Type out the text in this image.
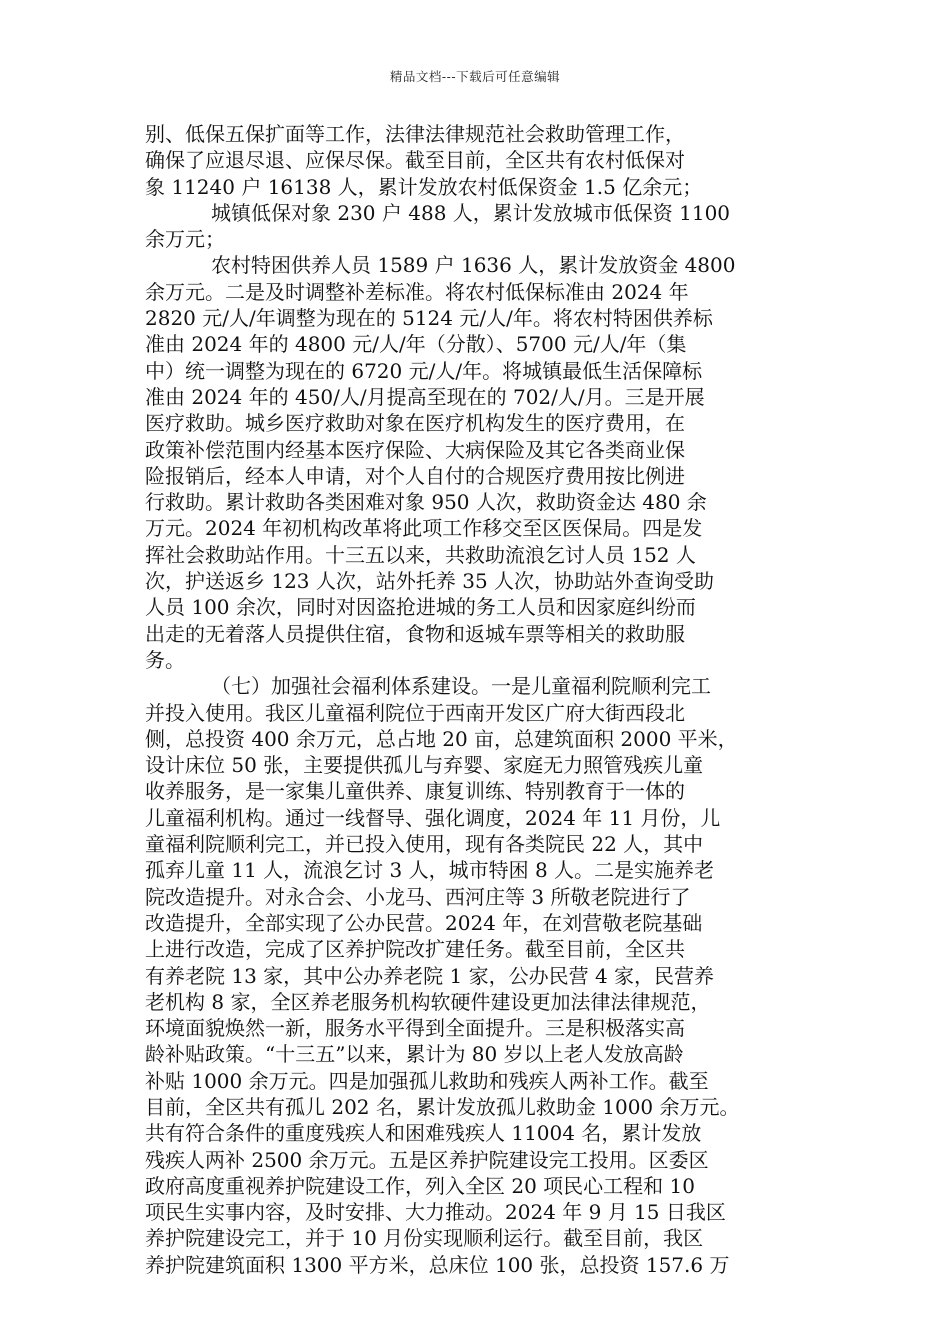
精品文档---下载后可任意编辑
别、低保五保扩面等工作，法律法律规范社会救助管理工作，
确保了应退尽退、应保尽保。截至目前，全区共有农村低保对
象 11240 户 16138 人，累计发放农村低保资金 1.5 亿余元；
城镇低保对象 230 户 488 人，累计发放城市低保资 1100
余万元；
农村特困供养人员 1589 户 1636 人，累计发放资金 4800
余万元。二是及时调整补差标准。将农村低保标准由 2024 年
2820 元/人/年调整为现在的 5124 元/人/年。将农村特困供养标
准由 2024 年的 4800 元/人/年（分散）、5700 元/人/年（集
中）统一调整为现在的 6720 元/人/年。将城镇最低生活保障标
准由 2024 年的 450/人/月提高至现在的 702/人/月。三是开展
医疗救助。城乡医疗救助对象在医疗机构发生的医疗费用，在
政策补偿范围内经基本医疗保险、大病保险及其它各类商业保
险报销后，经本人申请，对个人自付的合规医疗费用按比例进
行救助。累计救助各类困难对象 950 人次，救助资金达 480 余
万元。2024 年初机构改革将此项工作移交至区医保局。四是发
挥社会救助站作用。十三五以来，共救助流浪乞讨人员 152 人
次，护送返乡 123 人次，站外托养 35 人次，协助站外查询受助
人员 100 余次，同时对因盗抢进城的务工人员和因家庭纠纷而
出走的无着落人员提供住宿，食物和返城车票等相关的救助服
务。
（七）加强社会福利体系建设。一是儿童福利院顺利完工
并投入使用。我区儿童福利院位于西南开发区广府大街西段北
侧，总投资 400 余万元，总占地 20 亩，总建筑面积 2000 平米，
设计床位 50 张，主要提供孤儿与弃婴、家庭无力照管残疾儿童
收养服务，是一家集儿童供养、康复训练、特别教育于一体的
儿童福利机构。通过一线督导、强化调度，2024 年 11 月份，儿
童福利院顺利完工，并已投入使用，现有各类院民 22 人，其中
孤弃儿童 11 人，流浪乞讨 3 人，城市特困 8 人。二是实施养老
院改造提升。对永合会、小龙马、西河庄等 3 所敬老院进行了
改造提升，全部实现了公办民营。2024 年，在刘营敬老院基础
上进行改造，完成了区养护院改扩建任务。截至目前，全区共
有养老院 13 家，其中公办养老院 1 家，公办民营 4 家，民营养
老机构 8 家，全区养老服务机构软硬件建设更加法律法律规范，
环境面貌焕然一新，服务水平得到全面提升。三是积极落实高
龄补贴政策。“十三五”以来，累计为 80 岁以上老人发放高龄
补贴 1000 余万元。四是加强孤儿救助和残疾人两补工作。截至
目前，全区共有孤儿 202 名，累计发放孤儿救助金 1000 余万元。
共有符合条件的重度残疾人和困难残疾人 11004 名，累计发放
残疾人两补 2500 余万元。五是区养护院建设完工投用。区委区
政府高度重视养护院建设工作，列入全区 20 项民心工程和 10
项民生实事内容，及时安排、大力推动。2024 年 9 月 15 日我区
养护院建设完工，并于 10 月份实现顺利运行。截至目前，我区
养护院建筑面积 1300 平方米，总床位 100 张，总投资 157.6 万
